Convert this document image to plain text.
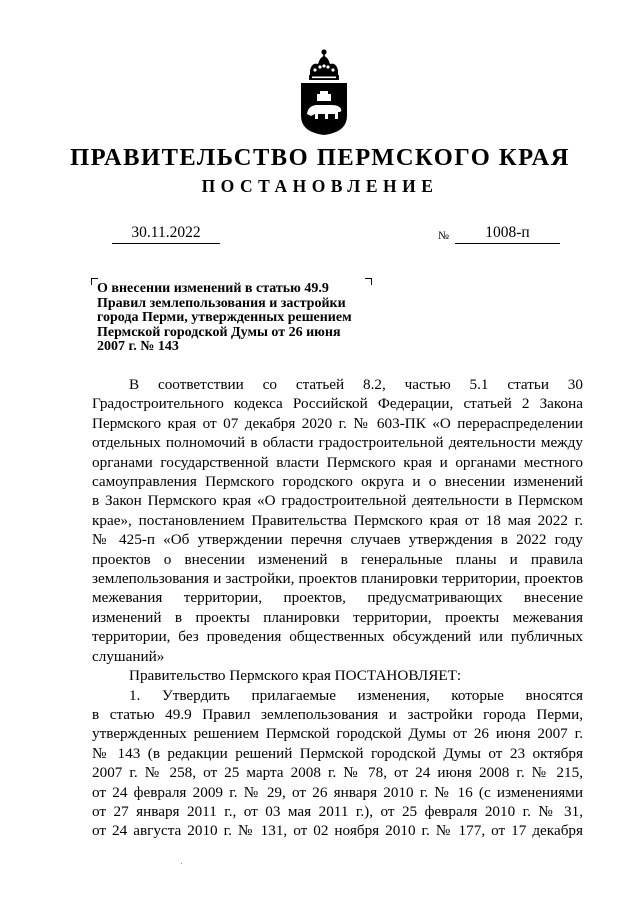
ПРАВИТЕЛЬСТВО ПЕРМСКОГО КРАЯ
ПОСТАНОВЛЕНИЕ
30.11.2022	№	1008-п
О внесении изменений в статью 49.9
Правил землепользования и застройки
города Перми, утвержденных решением
Пермской городской Думы от 26 июня
2007 г. № 143
В соответствии со статьей 8.2, частью 5.1 статьи 30
Градостроительного кодекса Российской Федерации, статьей 2 Закона
Пермского края от 07 декабря 2020 г. № 603-ПК «О перераспределении
отдельных полномочий в области градостроительной деятельности между
органами государственной власти Пермского края и органами местного
самоуправления Пермского городского округа и о внесении изменений
в Закон Пермского края «О градостроительной деятельности в Пермском
крае», постановлением Правительства Пермского края от 18 мая 2022 г.
№ 425-п «Об утверждении перечня случаев утверждения в 2022 году
проектов о внесении изменений в генеральные планы и правила
землепользования и застройки, проектов планировки территории, проектов
межевания территории, проектов, предусматривающих внесение
изменений в проекты планировки территории, проекты межевания
территории, без проведения общественных обсуждений или публичных
слушаний»
Правительство Пермского края ПОСТАНОВЛЯЕТ:
1. Утвердить прилагаемые изменения, которые вносятся
в статью 49.9 Правил землепользования и застройки города Перми,
утвержденных решением Пермской городской Думы от 26 июня 2007 г.
№ 143 (в редакции решений Пермской городской Думы от 23 октября
2007 г. № 258, от 25 марта 2008 г. № 78, от 24 июня 2008 г. № 215,
от 24 февраля 2009 г. № 29, от 26 января 2010 г. № 16 (с изменениями
от 27 января 2011 г., от 03 мая 2011 г.), от 25 февраля 2010 г. № 31,
от 24 августа 2010 г. № 131, от 02 ноября 2010 г. № 177, от 17 декабря
